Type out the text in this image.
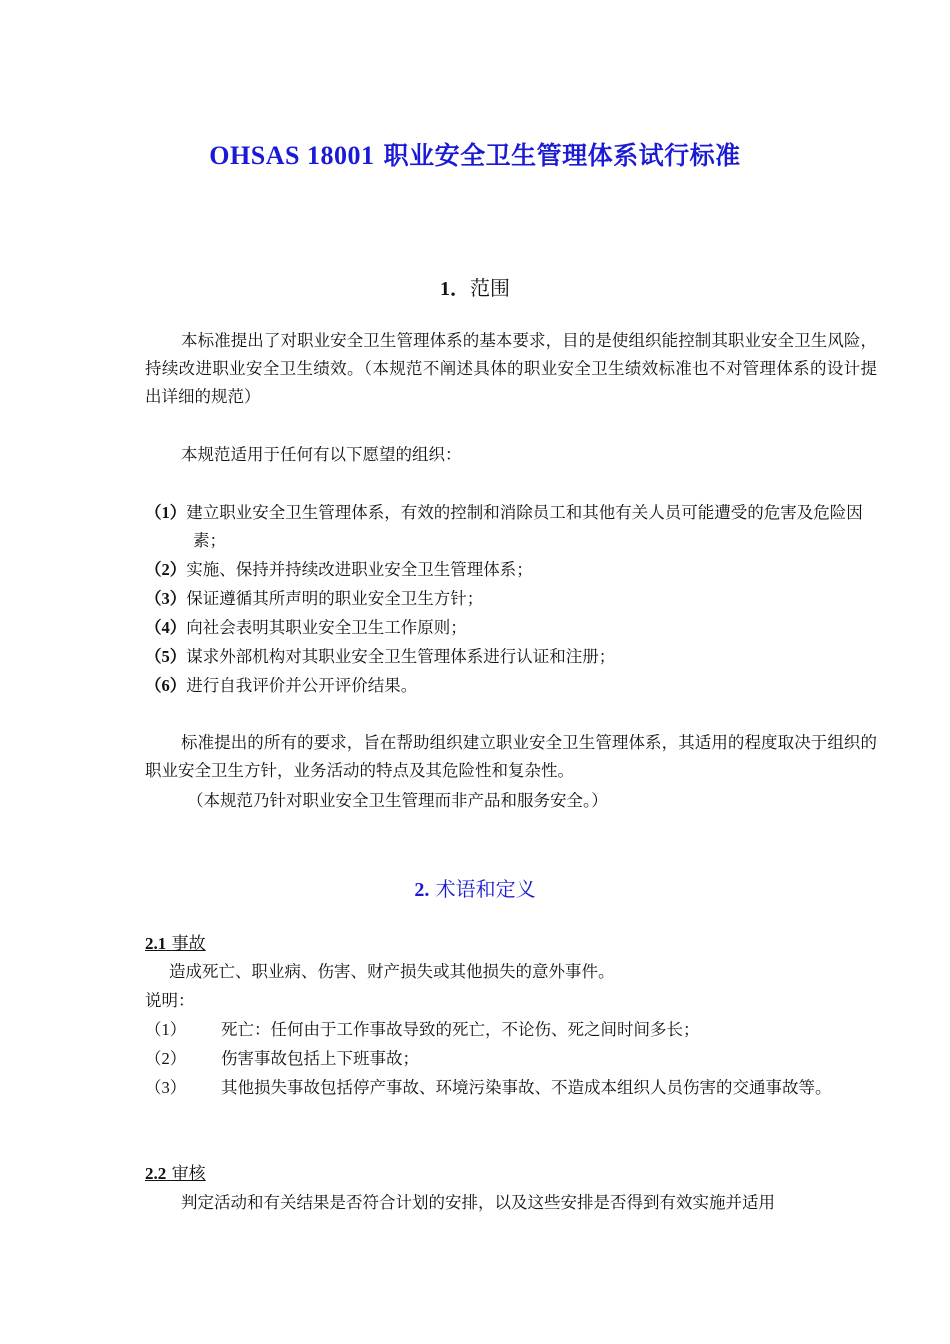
OHSAS 18001 职业安全卫生管理体系试行标准
1．范围

本标准提出了对职业安全卫生管理体系的基本要求，目的是使组织能控制其职业安全卫生风险，持续改进职业安全卫生绩效。（本规范不阐述具体的职业安全卫生绩效标准也不对管理体系的设计提出详细的规范）

本规范适用于任何有以下愿望的组织：

（1）建立职业安全卫生管理体系，有效的控制和消除员工和其他有关人员可能遭受的危害及危险因素；
（2）实施、保持并持续改进职业安全卫生管理体系；
（3）保证遵循其所声明的职业安全卫生方针；
（4）向社会表明其职业安全卫生工作原则；
（5）谋求外部机构对其职业安全卫生管理体系进行认证和注册；
（6）进行自我评价并公开评价结果。

标准提出的所有的要求，旨在帮助组织建立职业安全卫生管理体系，其适用的程度取决于组织的职业安全卫生方针，业务活动的特点及其危险性和复杂性。

（本规范乃针对职业安全卫生管理而非产品和服务安全。）

2. 术语和定义
2.1 事故

造成死亡、职业病、伤害、财产损失或其他损失的意外事件。

说明：

（1）	死亡：任何由于工作事故导致的死亡，不论伤、死之间时间多长；
（2）	伤害事故包括上下班事故；
（3）	其他损失事故包括停产事故、环境污染事故、不造成本组织人员伤害的交通事故等。
2.2 审核

判定活动和有关结果是否符合计划的安排，以及这些安排是否得到有效实施并适用
